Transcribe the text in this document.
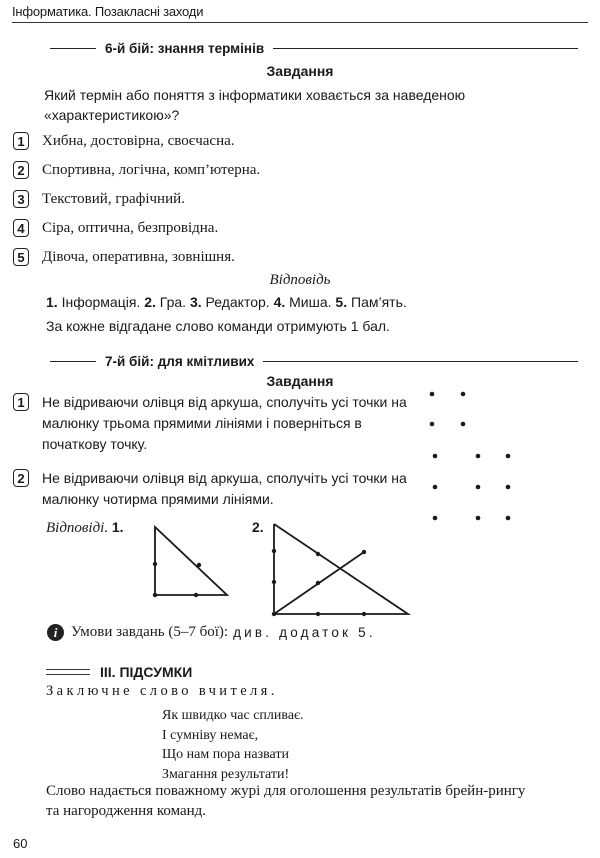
Інформатика. Позакласні заходи
6-й бій: знання термінів
Завдання
Який термін або поняття з інформатики ховається за наведеною «характеристикою»?
1 Хибна, достовірна, своєчасна.
2 Спортивна, логічна, комп’ютерна.
3 Текстовий, графічний.
4 Сіра, оптична, безпровідна.
5 Дівоча, оперативна, зовнішня.
Відповідь
1. Інформація. 2. Гра. 3. Редактор. 4. Миша. 5. Пам’ять.
За кожне відгадане слово команди отримують 1 бал.
7-й бій: для кмітливих
Завдання
1	Не відриваючи олівця від аркуша, сполучіть усі точки на малюнку трьома прямими лініями і поверніться в початкову точку.
2	Не відриваючи олівця від аркуша, сполучіть усі точки на малюнку чотирма прямими лініями.
Відповіді. 1.	2.
i Умови завдань (5–7 бої): див. додаток 5.
III. ПІДСУМКИ
Заключне слово вчителя.
Як швидко час спливає.
І сумніву немає,
Що нам пора назвати
Змагання результати!
Слово надається поважному журі для оголошення результатів брейн-рингу та нагородження команд.
60
